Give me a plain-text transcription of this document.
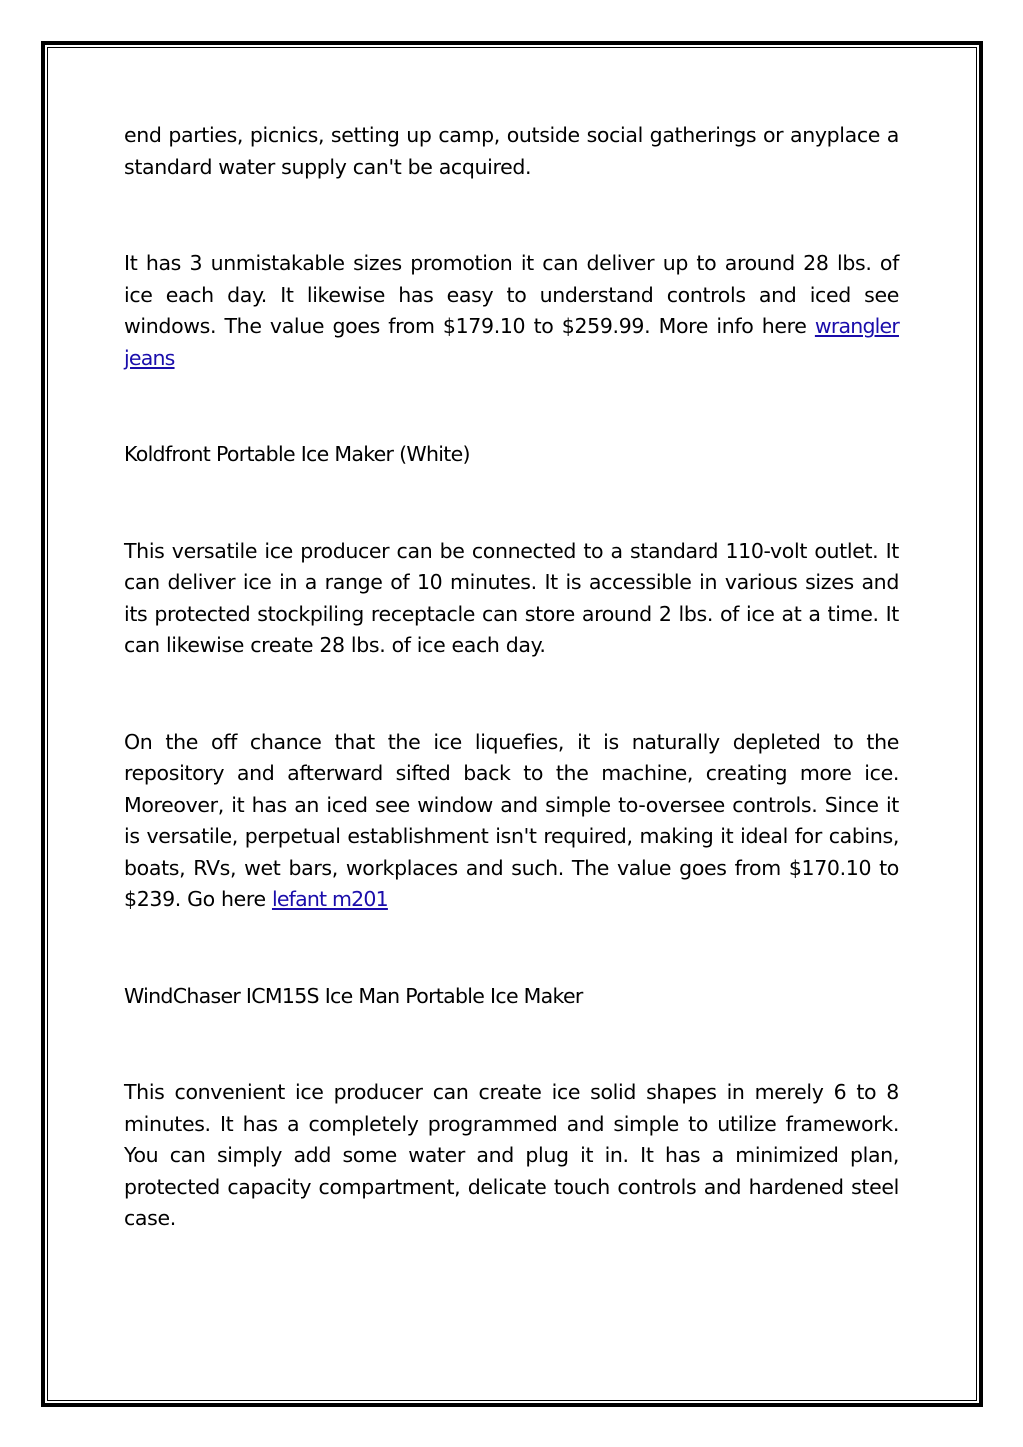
end parties, picnics, setting up camp, outside social gatherings or anyplace a standard water supply can't be acquired.

It has 3 unmistakable sizes promotion it can deliver up to around 28 lbs. of ice each day. It likewise has easy to understand controls and iced see windows. The value goes from $179.10 to $259.99. More info here wrangler jeans

Koldfront Portable Ice Maker (White)

This versatile ice producer can be connected to a standard 110-volt outlet. It can deliver ice in a range of 10 minutes. It is accessible in various sizes and its protected stockpiling receptacle can store around 2 lbs. of ice at a time. It can likewise create 28 lbs. of ice each day.

On the off chance that the ice liquefies, it is naturally depleted to the repository and afterward sifted back to the machine, creating more ice. Moreover, it has an iced see window and simple to-oversee controls. Since it is versatile, perpetual establishment isn't required, making it ideal for cabins, boats, RVs, wet bars, workplaces and such. The value goes from $170.10 to $239. Go here lefant m201

WindChaser ICM15S Ice Man Portable Ice Maker

This convenient ice producer can create ice solid shapes in merely 6 to 8 minutes. It has a completely programmed and simple to utilize framework. You can simply add some water and plug it in. It has a minimized plan, protected capacity compartment, delicate touch controls and hardened steel case.
